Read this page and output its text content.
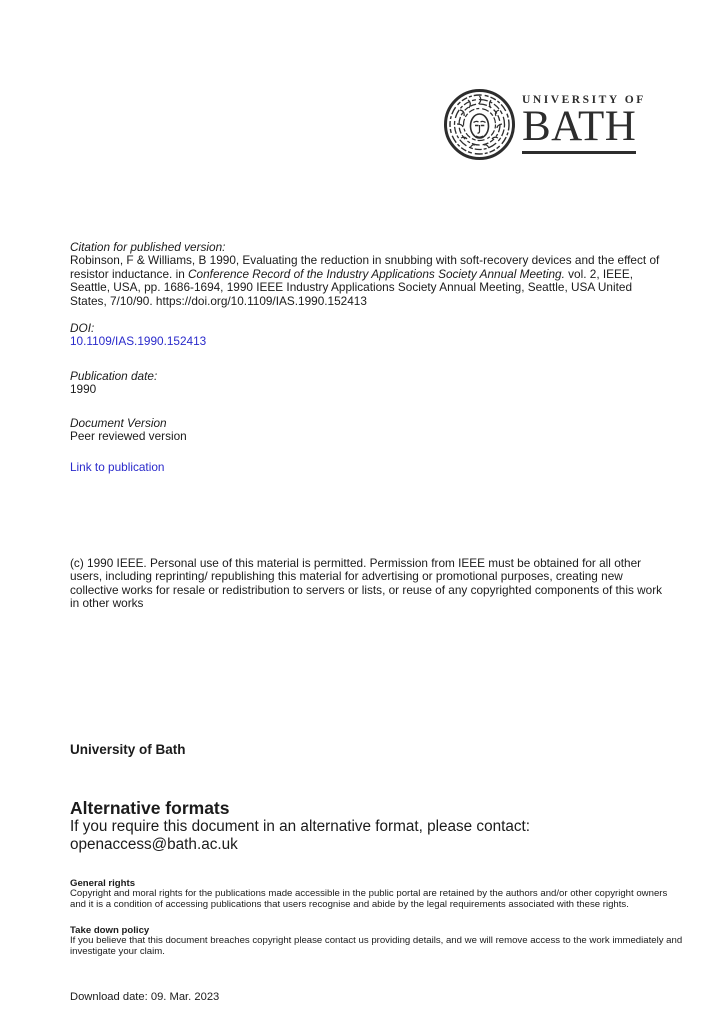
UNIVERSITY OF
BATH
Citation for published version:
Robinson, F & Williams, B 1990, Evaluating the reduction in snubbing with soft-recovery devices and the effect of resistor inductance. in Conference Record of the Industry Applications Society Annual Meeting. vol. 2, IEEE, Seattle, USA, pp. 1686-1694, 1990 IEEE Industry Applications Society Annual Meeting, Seattle, USA United States, 7/10/90. https://doi.org/10.1109/IAS.1990.152413
DOI:
10.1109/IAS.1990.152413
Publication date:
1990
Document Version
Peer reviewed version
Link to publication
(c) 1990 IEEE. Personal use of this material is permitted. Permission from IEEE must be obtained for all other users, including reprinting/ republishing this material for advertising or promotional purposes, creating new collective works for resale or redistribution to servers or lists, or reuse of any copyrighted components of this work in other works
University of Bath
Alternative formats
If you require this document in an alternative format, please contact:
openaccess@bath.ac.uk
General rights
Copyright and moral rights for the publications made accessible in the public portal are retained by the authors and/or other copyright owners and it is a condition of accessing publications that users recognise and abide by the legal requirements associated with these rights.
Take down policy
If you believe that this document breaches copyright please contact us providing details, and we will remove access to the work immediately and investigate your claim.
Download date: 09. Mar. 2023
